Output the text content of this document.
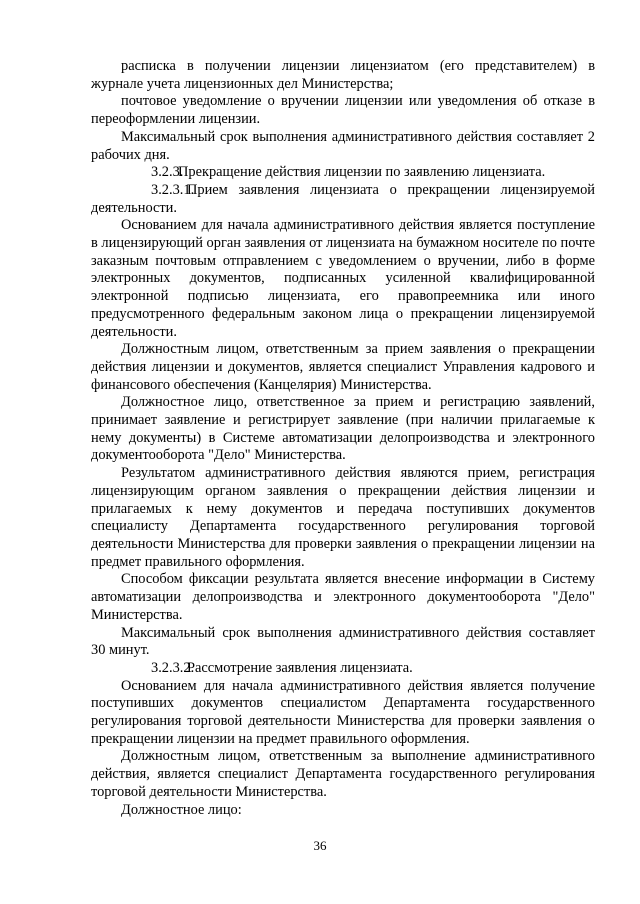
расписка в получении лицензии лицензиатом (его представителем) в журнале учета лицензионных дел Министерства;

почтовое уведомление о вручении лицензии или уведомления об отказе в переоформлении лицензии.

Максимальный срок выполнения административного действия составляет 2 рабочих дня.

3.2.3.Прекращение действия лицензии по заявлению лицензиата.

3.2.3.1.Прием заявления лицензиата о прекращении лицензируемой деятельности.

Основанием для начала административного действия является поступление в лицензирующий орган заявления от лицензиата на бумажном носителе по почте заказным почтовым отправлением с уведомлением о вручении, либо в форме электронных документов, подписанных усиленной квалифицированной электронной подписью лицензиата, его правопреемника или иного предусмотренного федеральным законом лица о прекращении лицензируемой деятельности.

Должностным лицом, ответственным за прием заявления о прекращении действия лицензии и документов, является специалист Управления кадрового и финансового обеспечения (Канцелярия) Министерства.

Должностное лицо, ответственное за прием и регистрацию заявлений, принимает заявление и регистрирует заявление (при наличии прилагаемые к нему документы) в Системе автоматизации делопроизводства и электронного документооборота "Дело" Министерства.

Результатом административного действия являются прием, регистрация лицензирующим органом заявления о прекращении действия лицензии и прилагаемых к нему документов и передача поступивших документов специалисту Департамента государственного регулирования торговой деятельности Министерства для проверки заявления о прекращении лицензии на предмет правильного оформления.

Способом фиксации результата является внесение информации в Систему автоматизации делопроизводства и электронного документооборота "Дело" Министерства.

Максимальный срок выполнения административного действия составляет 30 минут.

3.2.3.2.Рассмотрение заявления лицензиата.

Основанием для начала административного действия является получение поступивших документов специалистом Департамента государственного регулирования торговой деятельности Министерства для проверки заявления о прекращении лицензии на предмет правильного оформления.

Должностным лицом, ответственным за выполнение административного действия, является специалист Департамента государственного регулирования торговой деятельности Министерства.

Должностное лицо:

36
